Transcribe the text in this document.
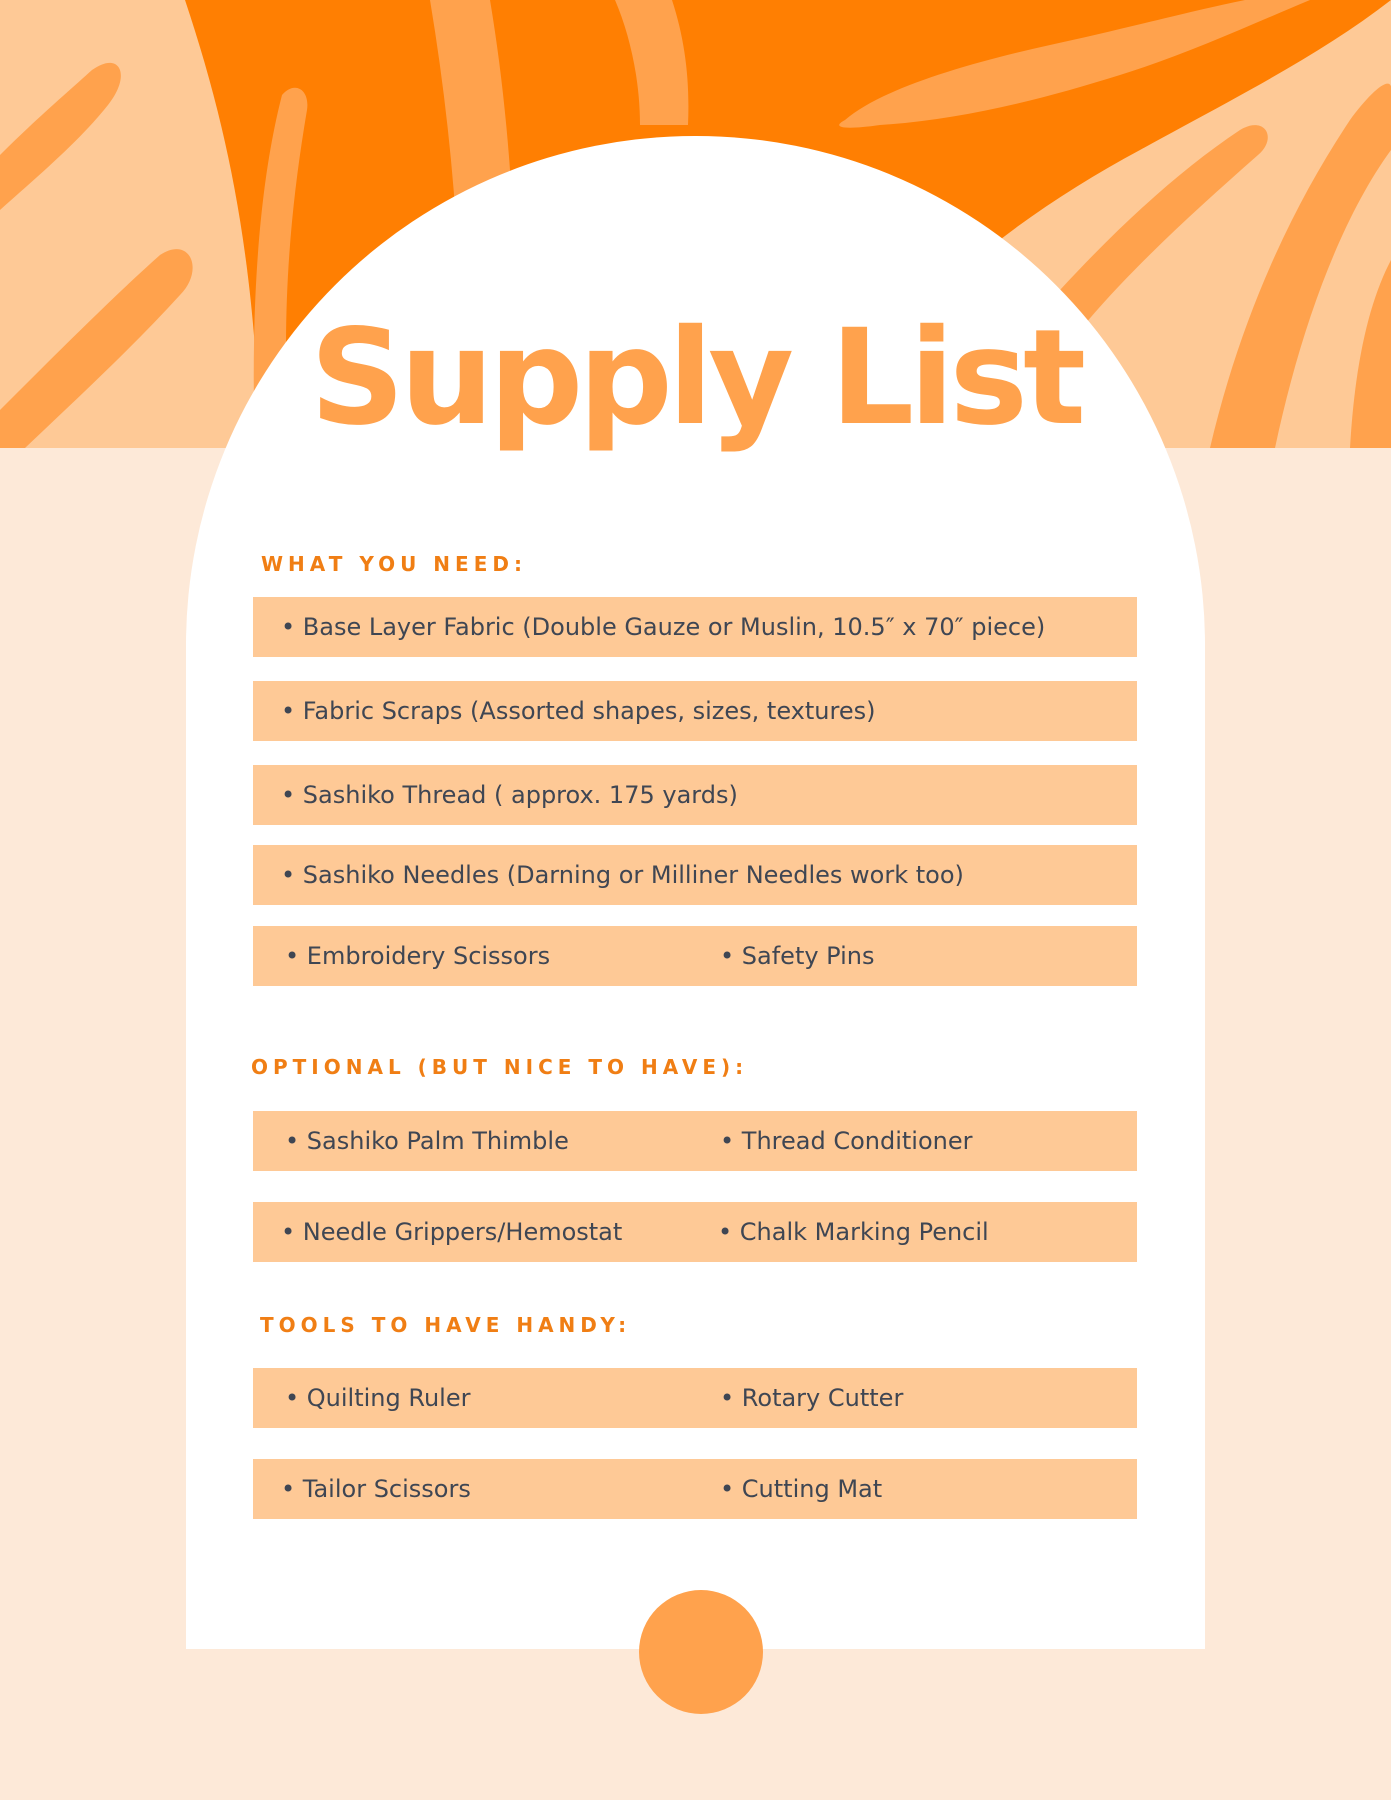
Supply List
WHAT YOU NEED:
• Base Layer Fabric (Double Gauze or Muslin, 10.5″ x 70″ piece)
• Fabric Scraps (Assorted shapes, sizes, textures)
• Sashiko Thread ( approx. 175 yards)
• Sashiko Needles (Darning or Milliner Needles work too)
• Embroidery Scissors	• Safety Pins
OPTIONAL (BUT NICE TO HAVE):
• Sashiko Palm Thimble	• Thread Conditioner
• Needle Grippers/Hemostat	• Chalk Marking Pencil
TOOLS TO HAVE HANDY:
• Quilting Ruler	• Rotary Cutter
• Tailor Scissors	• Cutting Mat
